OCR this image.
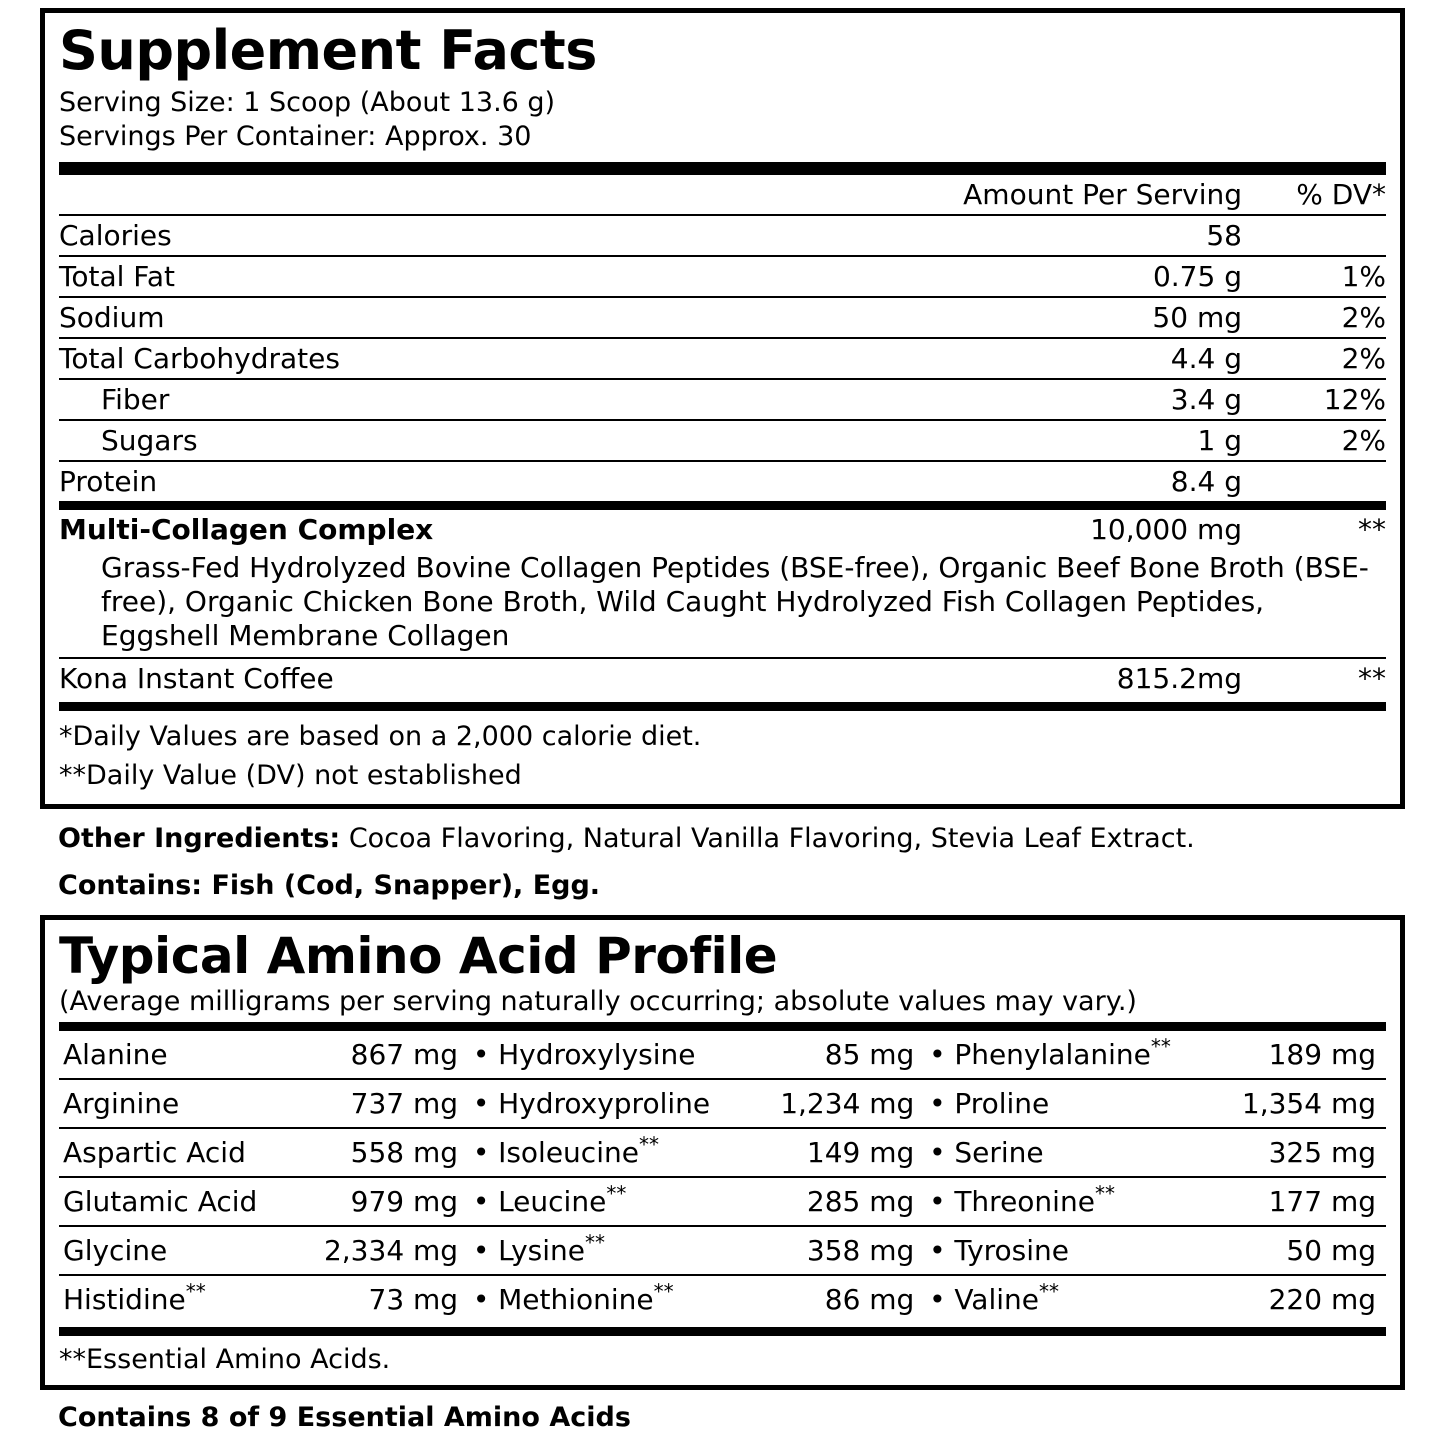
Supplement Facts
Serving Size: 1 Scoop (About 13.6 g)
Servings Per Container: Approx. 30
	Amount Per Serving	% DV*
Calories	58	
Total Fat	0.75 g	1%
Sodium	50 mg	2%
Total Carbohydrates	4.4 g	2%
Fiber	3.4 g	12%
Sugars	1 g	2%
Protein	8.4 g	
Multi-Collagen Complex	10,000 mg	**
Grass-Fed Hydrolyzed Bovine Collagen Peptides (BSE-free), Organic Beef Bone Broth (BSE-free), Organic Chicken Bone Broth, Wild Caught Hydrolyzed Fish Collagen Peptides, Eggshell Membrane Collagen
Kona Instant Coffee	815.2mg	**
*Daily Values are based on a 2,000 calorie diet.
**Daily Value (DV) not established
Other Ingredients: Cocoa Flavoring, Natural Vanilla Flavoring, Stevia Leaf Extract.
Contains: Fish (Cod, Snapper), Egg.
Typical Amino Acid Profile
(Average milligrams per serving naturally occurring; absolute values may vary.)
Alanine	867 mg	•	Hydroxylysine	85 mg	•	Phenylalanine**	189 mg
Arginine	737 mg	•	Hydroxyproline	1,234 mg	•	Proline	1,354 mg
Aspartic Acid	558 mg	•	Isoleucine**	149 mg	•	Serine	325 mg
Glutamic Acid	979 mg	•	Leucine**	285 mg	•	Threonine**	177 mg
Glycine	2,334 mg	•	Lysine**	358 mg	•	Tyrosine	50 mg
Histidine**	73 mg	•	Methionine**	86 mg	•	Valine**	220 mg
**Essential Amino Acids.
Contains 8 of 9 Essential Amino Acids
